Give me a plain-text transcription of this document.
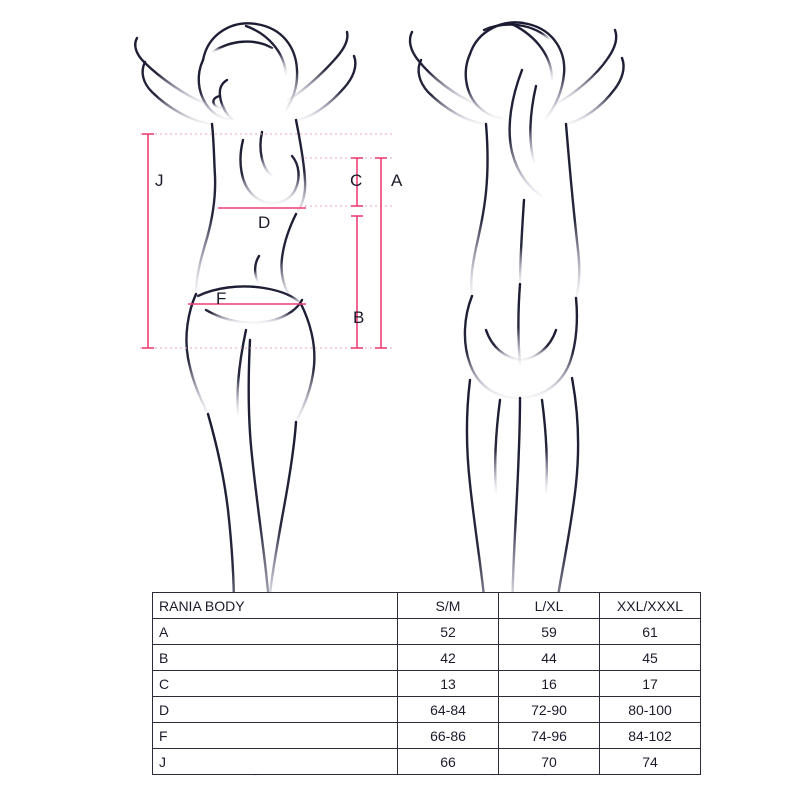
J	C A
D
F
B
RANIA BODY	S/M	L/XL	XXL/XXXL
A	52	59	61
B	42	44	45
C	13	16	17
D	64-84	72-90	80-100
F	66-86	74-96	84-102
J	66	70	74
